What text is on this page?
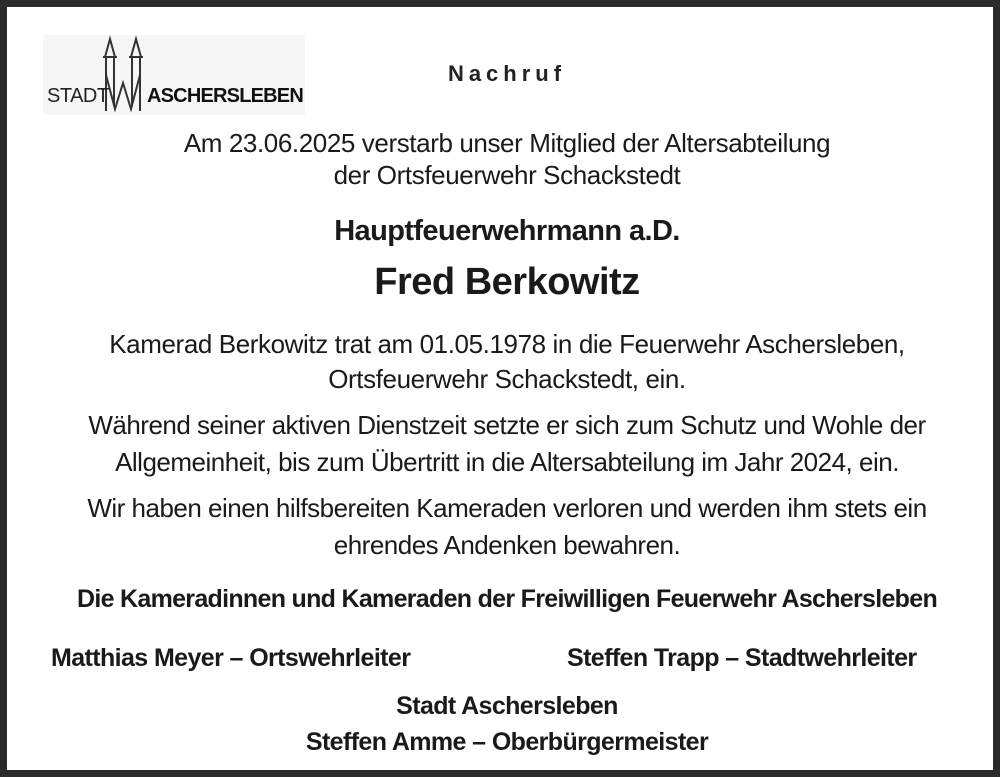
STADT ASCHERSLEBEN
Nachruf
Am 23.06.2025 verstarb unser Mitglied der Altersabteilung
der Ortsfeuerwehr Schackstedt
Hauptfeuerwehrmann a.D.
Fred Berkowitz
Kamerad Berkowitz trat am 01.05.1978 in die Feuerwehr Aschersleben,
Ortsfeuerwehr Schackstedt, ein.
Während seiner aktiven Dienstzeit setzte er sich zum Schutz und Wohle der
Allgemeinheit, bis zum Übertritt in die Altersabteilung im Jahr 2024, ein.
Wir haben einen hilfsbereiten Kameraden verloren und werden ihm stets ein
ehrendes Andenken bewahren.
Die Kameradinnen und Kameraden der Freiwilligen Feuerwehr Aschersleben
Matthias Meyer – Ortswehrleiter	Steffen Trapp – Stadtwehrleiter
Stadt Aschersleben
Steffen Amme – Oberbürgermeister
